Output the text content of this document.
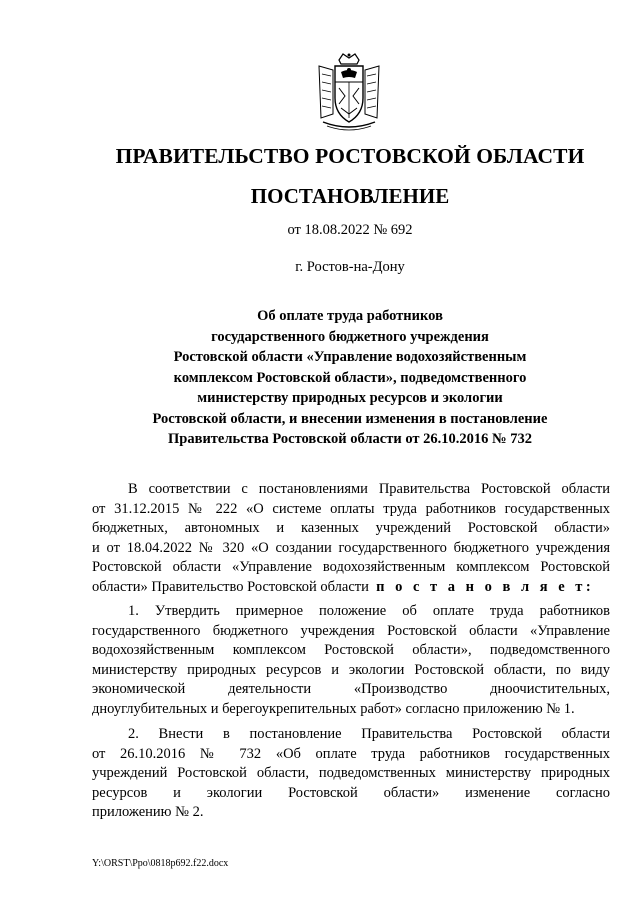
ПРАВИТЕЛЬСТВО РОСТОВСКОЙ ОБЛАСТИ
ПОСТАНОВЛЕНИЕ
от 18.08.2022 № 692
г. Ростов-на-Дону
Об оплате труда работников
государственного бюджетного учреждения
Ростовской области «Управление водохозяйственным
комплексом Ростовской области», подведомственного
министерству природных ресурсов и экологии
Ростовской области, и внесении изменения в постановление
Правительства Ростовской области от 26.10.2016 № 732
В соответствии с постановлениями Правительства Ростовской области
от 31.12.2015 № 222 «О системе оплаты труда работников государственных
бюджетных, автономных и казенных учреждений Ростовской области»
и от 18.04.2022 № 320 «О создании государственного бюджетного учреждения
Ростовской области «Управление водохозяйственным комплексом Ростовской
области» Правительство Ростовской области п о с т а н о в л я е т:
1. Утвердить примерное положение об оплате труда работников
государственного бюджетного учреждения Ростовской области «Управление
водохозяйственным комплексом Ростовской области», подведомственного
министерству природных ресурсов и экологии Ростовской области, по виду
экономической деятельности «Производство дноочистительных,
дноуглубительных и берегоукрепительных работ» согласно приложению № 1.
2. Внести в постановление Правительства Ростовской области
от 26.10.2016 № 732 «Об оплате труда работников государственных
учреждений Ростовской области, подведомственных министерству природных
ресурсов и экологии Ростовской области» изменение согласно
приложению № 2.
Y:\ORST\Ppo\0818p692.f22.docx
